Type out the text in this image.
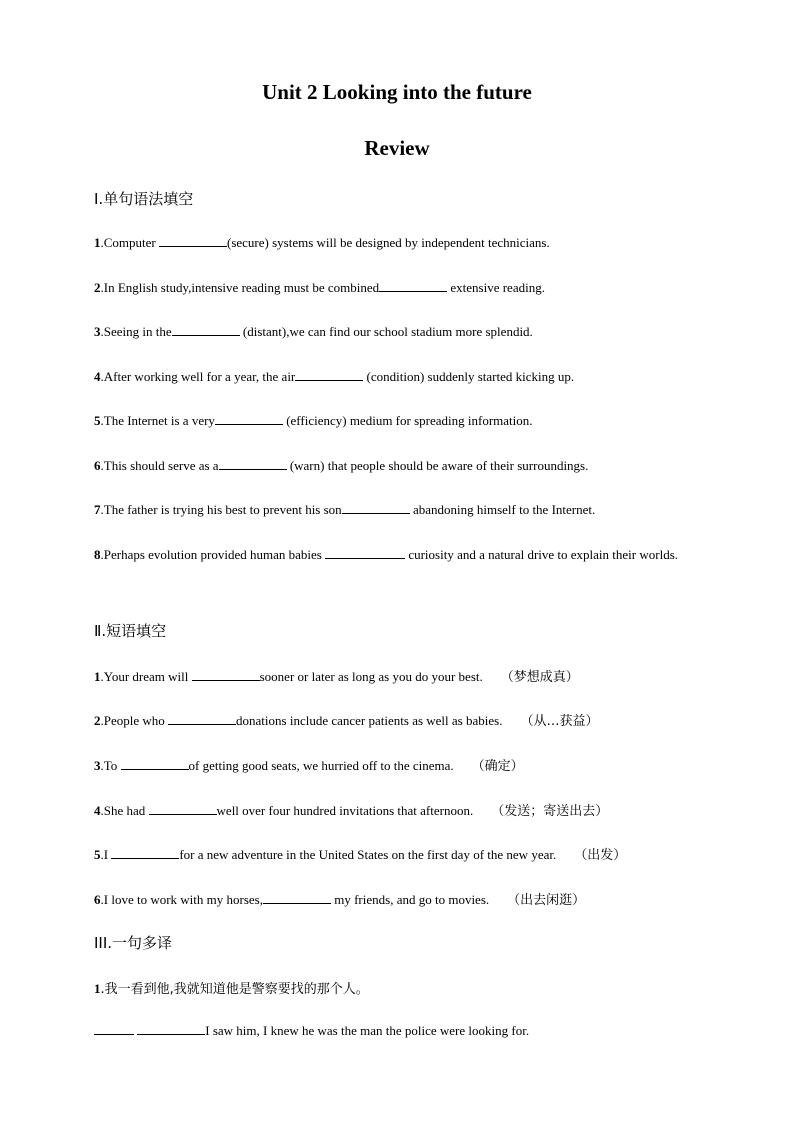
Unit 2 Looking into the future
Review
I.单句语法填空
1.Computer	(secure) systems will be designed by independent technicians.
2.In English study,intensive reading must be combined	extensive reading.
3.Seeing in the	(distant),we can find our school stadium more splendid.
4.After working well for a year, the air	(condition) suddenly started kicking up.
5.The Internet is a very	(efficiency) medium for spreading information.
6.This should serve as a	(warn) that people should be aware of their surroundings.
7.The father is trying his best to prevent his son	abandoning himself to the Internet.
8.Perhaps evolution provided human babies	curiosity and a natural drive to explain their worlds.
Ⅱ.短语填空
1.Your dream will	sooner or later as long as you do your best. （梦想成真）
2.People who	donations include cancer patients as well as babies. （从…获益）
3.To	of getting good seats, we hurried off to the cinema. （确定）
4.She had	well over four hundred invitations that afternoon. （发送；寄送出去）
5.I	for a new adventure in the United States on the first day of the new year. （出发）
6.I love to work with my horses,	my friends, and go to movies. （出去闲逛）
III.一句多译
1.我一看到他,我就知道他是警察要找的那个人。
I saw him, I knew he was the man the police were looking for.
